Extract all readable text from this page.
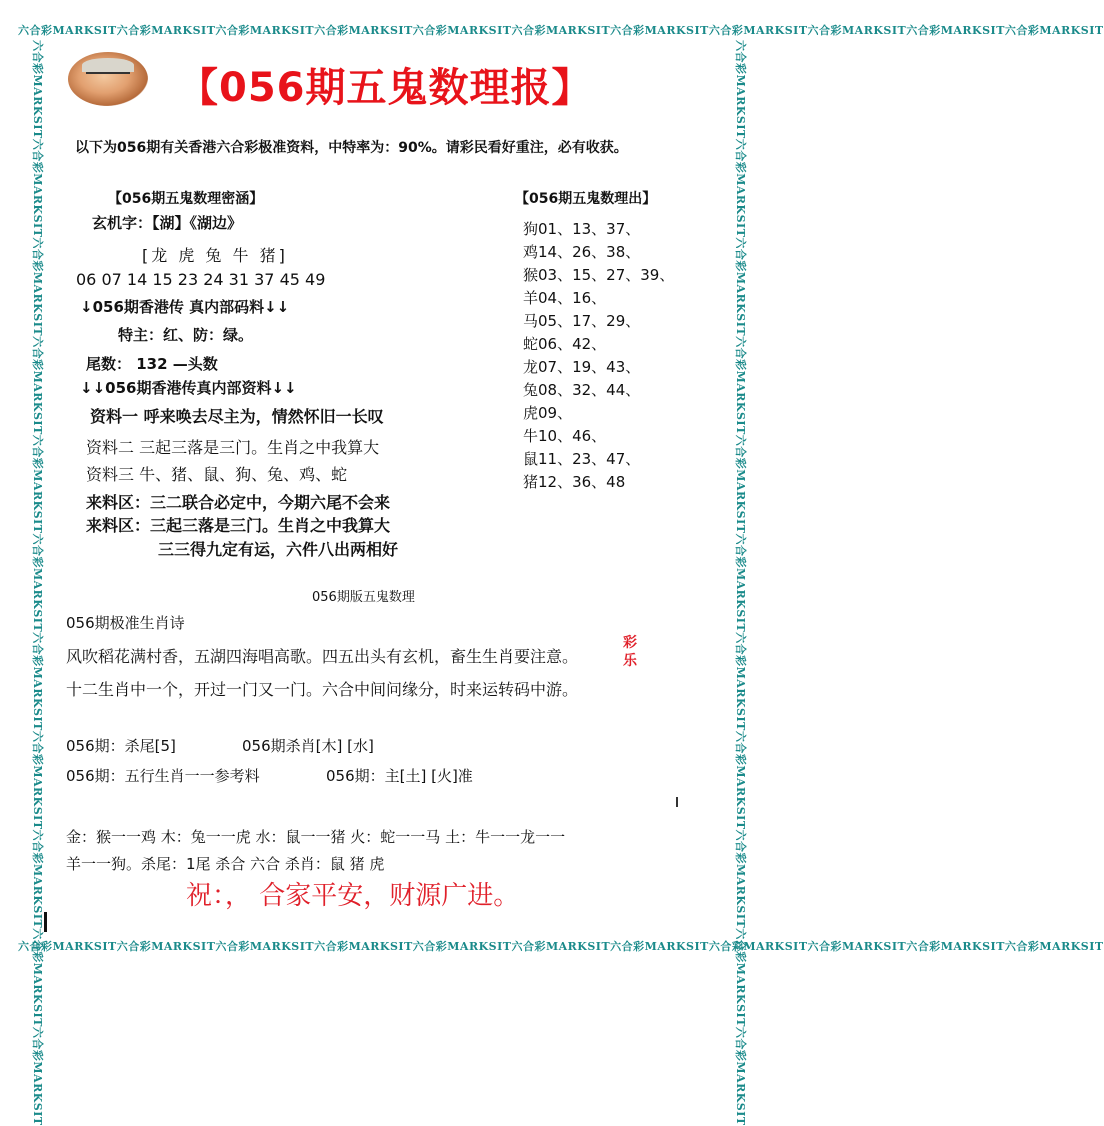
六合彩MARKSIT六合彩MARKSIT六合彩MARKSIT六合彩MARKSIT六合彩MARKSIT六合彩MARKSIT六合彩MARKSIT六合彩MARKSIT六合彩MARKSIT六合彩MARKSIT六合彩MARKSIT
六合彩MARKSIT六合彩MARKSIT六合彩MARKSIT六合彩MARKSIT六合彩MARKSIT六合彩MARKSIT六合彩MARKSIT六合彩MARKSIT六合彩MARKSIT六合彩MARKSIT六合彩MARKSIT
六合彩MARKSIT六合彩MARKSIT六合彩MARKSIT六合彩MARKSIT六合彩MARKSIT六合彩MARKSIT六合彩MARKSIT六合彩MARKSIT六合彩MARKSIT六合彩MARKSIT六合彩MARKSIT	六合彩MARKSIT六合彩MARKSIT六合彩MARKSIT六合彩MARKSIT六合彩MARKSIT六合彩MARKSIT六合彩MARKSIT六合彩MARKSIT六合彩MARKSIT六合彩MARKSIT六合彩MARKSIT
【056期五鬼数理报】
以下为056期有关香港六合彩极准资料，中特率为：90%。请彩民看好重注，必有收获。
【056期五鬼数理密涵】
玄机字：【湖】《湖边》
[龙 虎 兔 牛 猪]
06 07 14 15 23 24 31 37 45 49
↓056期香港传 真内部码料↓↓
特主：红、防：绿。
尾数： 132 —头数
↓↓056期香港传真内部资料↓↓
资料一 呼来唤去尽主为，情然怀旧一长叹
资料二 三起三落是三门。生肖之中我算大
资料三 牛、猪、鼠、狗、兔、鸡、蛇
来料区：三二联合必定中，今期六尾不会来
来料区：三起三落是三门。生肖之中我算大
三三得九定有运，六件八出两相好
【056期五鬼数理出】
狗01、13、37、
鸡14、26、38、
猴03、15、27、39、
羊04、16、
马05、17、29、
蛇06、42、
龙07、19、43、
兔08、32、44、
虎09、
牛10、46、
鼠11、23、47、
猪12、36、48
056期版五鬼数理
056期极准生肖诗
风吹稻花满村香，五湖四海唱高歌。四五出头有玄机，畜生生肖要注意。
十二生肖中一个，开过一门又一门。六合中间问缘分，时来运转码中游。
彩乐
056期：杀尾[5]	056期杀肖[木] [水]
056期：五行生肖一一参考料	056期：主[土] [火]准
金：猴一一鸡 木：兔一一虎 水：鼠一一猪 火：蛇一一马 土：牛一一龙一一
羊一一狗。杀尾：1尾 杀合 六合 杀肖：鼠 猪 虎
祝：， 合家平安，财源广进。
